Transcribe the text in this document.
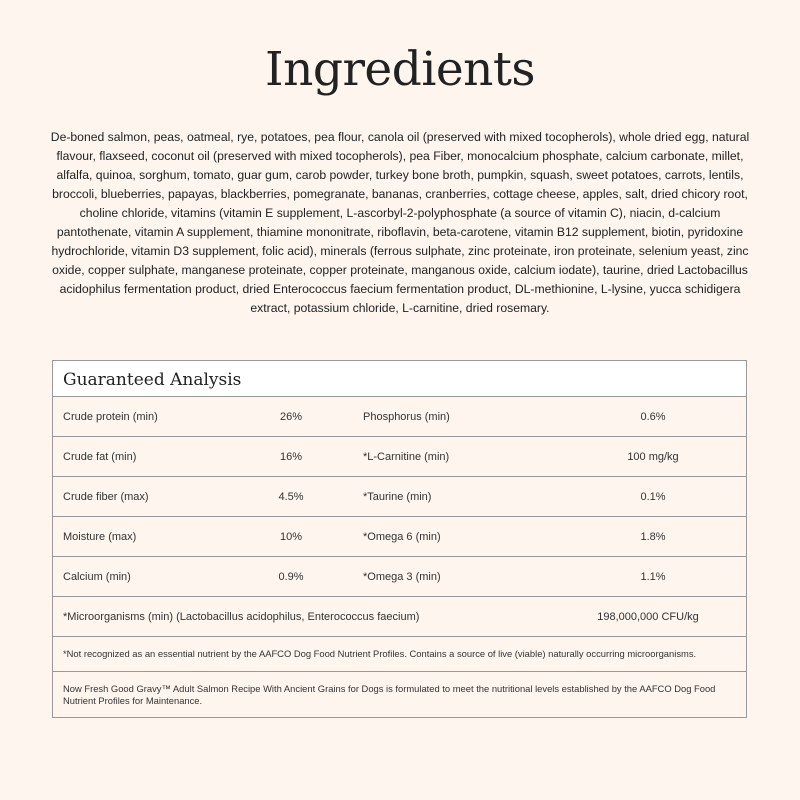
Ingredients
De-boned salmon, peas, oatmeal, rye, potatoes, pea flour, canola oil (preserved with mixed tocopherols), whole dried egg, natural flavour, flaxseed, coconut oil (preserved with mixed tocopherols), pea Fiber, monocalcium phosphate, calcium carbonate, millet, alfalfa, quinoa, sorghum, tomato, guar gum, carob powder, turkey bone broth, pumpkin, squash, sweet potatoes, carrots, lentils, broccoli, blueberries, papayas, blackberries, pomegranate, bananas, cranberries, cottage cheese, apples, salt, dried chicory root, choline chloride, vitamins (vitamin E supplement, L-ascorbyl-2-polyphosphate (a source of vitamin C), niacin, d-calcium pantothenate, vitamin A supplement, thiamine mononitrate, riboflavin, beta-carotene, vitamin B12 supplement, biotin, pyridoxine hydrochloride, vitamin D3 supplement, folic acid), minerals (ferrous sulphate, zinc proteinate, iron proteinate, selenium yeast, zinc oxide, copper sulphate, manganese proteinate, copper proteinate, manganous oxide, calcium iodate), taurine, dried Lactobacillus acidophilus fermentation product, dried Enterococcus faecium fermentation product, DL-methionine, L-lysine, yucca schidigera extract, potassium chloride, L-carnitine, dried rosemary.
Guaranteed Analysis
Crude protein (min)	26%	Phosphorus (min)	0.6%
Crude fat (min)	16%	*L-Carnitine (min)	100 mg/kg
Crude fiber (max)	4.5%	*Taurine (min)	0.1%
Moisture (max)	10%	*Omega 6 (min)	1.8%
Calcium (min)	0.9%	*Omega 3 (min)	1.1%
*Microorganisms (min) (Lactobacillus acidophilus, Enterococcus faecium)	198,000,000 CFU/kg
*Not recognized as an essential nutrient by the AAFCO Dog Food Nutrient Profiles. Contains a source of live (viable) naturally occurring microorganisms.
Now Fresh Good Gravy™ Adult Salmon Recipe With Ancient Grains for Dogs is formulated to meet the nutritional levels established by the AAFCO Dog Food Nutrient Profiles for Maintenance.
